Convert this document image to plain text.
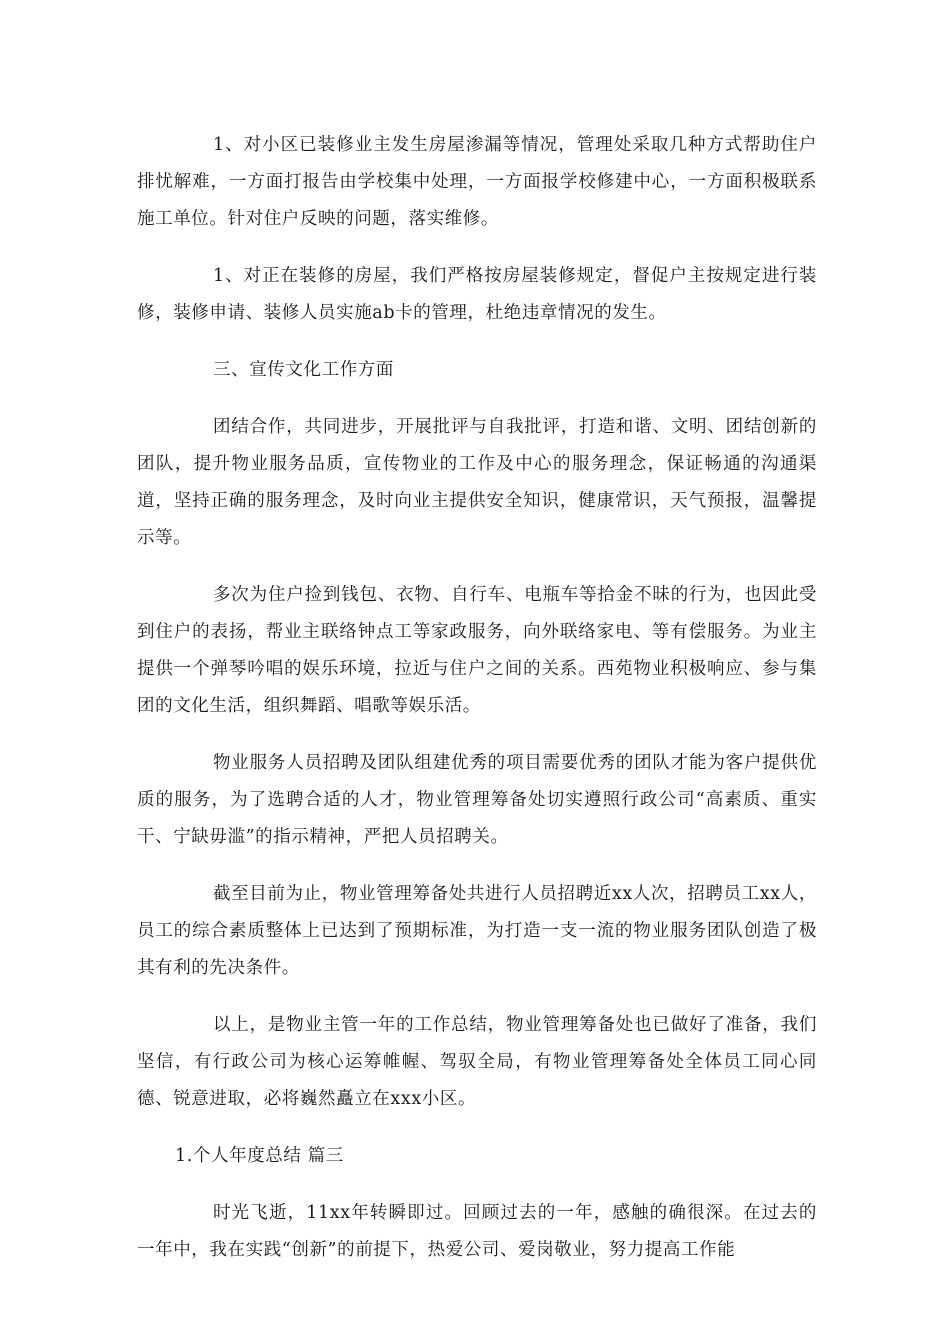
1、对小区已装修业主发生房屋渗漏等情况，管理处采取几种方式帮助住户排忧解难，一方面打报告由学校集中处理，一方面报学校修建中心，一方面积极联系施工单位。针对住户反映的问题，落实维修。

1、对正在装修的房屋，我们严格按房屋装修规定，督促户主按规定进行装修，装修申请、装修人员实施ab卡的管理，杜绝违章情况的发生。

三、宣传文化工作方面

团结合作，共同进步，开展批评与自我批评，打造和谐、文明、团结创新的团队，提升物业服务品质，宣传物业的工作及中心的服务理念，保证畅通的沟通渠道，坚持正确的服务理念，及时向业主提供安全知识，健康常识，天气预报，温馨提示等。

多次为住户捡到钱包、衣物、自行车、电瓶车等拾金不昧的行为，也因此受到住户的表扬，帮业主联络钟点工等家政服务，向外联络家电、等有偿服务。为业主提供一个弹琴吟唱的娱乐环境，拉近与住户之间的关系。西苑物业积极响应、参与集团的文化生活，组织舞蹈、唱歌等娱乐活。

物业服务人员招聘及团队组建优秀的项目需要优秀的团队才能为客户提供优质的服务，为了选聘合适的人才，物业管理筹备处切实遵照行政公司“高素质、重实干、宁缺毋滥”的指示精神，严把人员招聘关。

截至目前为止，物业管理筹备处共进行人员招聘近xx人次，招聘员工xx人，员工的综合素质整体上已达到了预期标准，为打造一支一流的物业服务团队创造了极其有利的先决条件。

以上，是物业主管一年的工作总结，物业管理筹备处也已做好了准备，我们坚信，有行政公司为核心运筹帷幄、驾驭全局，有物业管理筹备处全体员工同心同德、锐意进取，必将巍然矗立在xxx小区。

1.个人年度总结 篇三

时光飞逝，11xx年转瞬即过。回顾过去的一年，感触的确很深。在过去的一年中，我在实践“创新”的前提下，热爱公司、爱岗敬业，努力提高工作能
